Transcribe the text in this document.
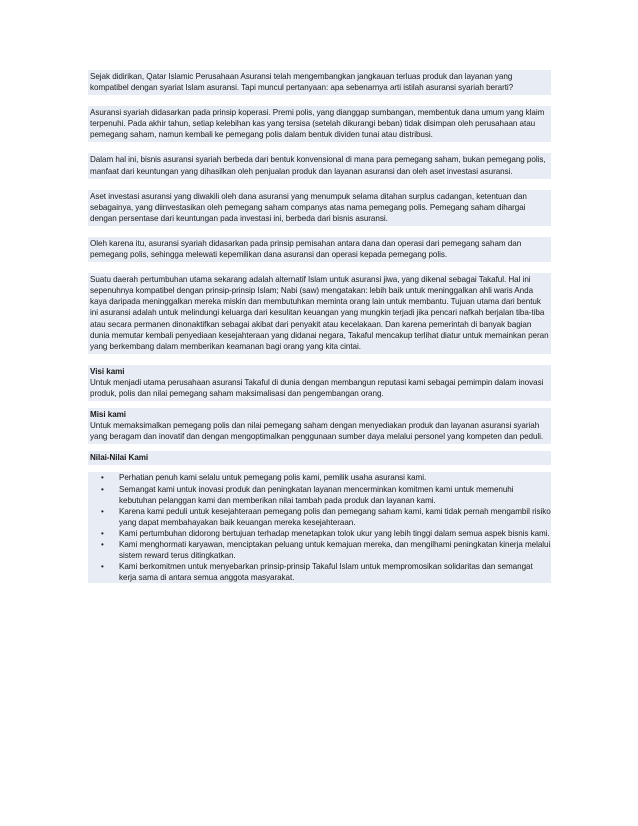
Sejak didirikan, Qatar Islamic Perusahaan Asuransi telah mengembangkan jangkauan terluas produk dan layanan yang kompatibel dengan syariat Islam asuransi. Tapi muncul pertanyaan: apa sebenarnya arti istilah asuransi syariah berarti?

Asuransi syariah didasarkan pada prinsip koperasi. Premi polis, yang dianggap sumbangan, membentuk dana umum yang klaim terpenuhi. Pada akhir tahun, setiap kelebihan kas yang tersisa (setelah dikurangi beban) tidak disimpan oleh perusahaan atau pemegang saham, namun kembali ke pemegang polis dalam bentuk dividen tunai atau distribusi.

Dalam hal ini, bisnis asuransi syariah berbeda dari bentuk konvensional di mana para pemegang saham, bukan pemegang polis, manfaat dari keuntungan yang dihasilkan oleh penjualan produk dan layanan asuransi dan oleh aset investasi asuransi.

Aset investasi asuransi yang diwakili oleh dana asuransi yang menumpuk selama ditahan surplus cadangan, ketentuan dan sebagainya, yang diinvestasikan oleh pemegang saham companys atas nama pemegang polis. Pemegang saham dihargai dengan persentase dari keuntungan pada investasi ini, berbeda dari bisnis asuransi.

Oleh karena itu, asuransi syariah didasarkan pada prinsip pemisahan antara dana dan operasi dari pemegang saham dan pemegang polis, sehingga melewati kepemilikan dana asuransi dan operasi kepada pemegang polis.

Suatu daerah pertumbuhan utama sekarang adalah alternatif Islam untuk asuransi jiwa, yang dikenal sebagai Takaful. Hal ini sepenuhnya kompatibel dengan prinsip-prinsip Islam; Nabi (saw) mengatakan: lebih baik untuk meninggalkan ahli waris Anda kaya daripada meninggalkan mereka miskin dan membutuhkan meminta orang lain untuk membantu. Tujuan utama dari bentuk ini asuransi adalah untuk melindungi keluarga dari kesulitan keuangan yang mungkin terjadi jika pencari nafkah berjalan tiba-tiba atau secara permanen dinonaktifkan sebagai akibat dari penyakit atau kecelakaan. Dan karena pemerintah di banyak bagian dunia memutar kembali penyediaan kesejahteraan yang didanai negara, Takaful mencakup terlihat diatur untuk memainkan peran yang berkembang dalam memberikan keamanan bagi orang yang kita cintai.

Visi kami
Untuk menjadi utama perusahaan asuransi Takaful di dunia dengan membangun reputasi kami sebagai pemimpin dalam inovasi produk, polis dan nilai pemegang saham maksimalisasi dan pengembangan orang.
Misi kami
Untuk memaksimalkan pemegang polis dan nilai pemegang saham dengan menyediakan produk dan layanan asuransi syariah yang beragam dan inovatif dan dengan mengoptimalkan penggunaan sumber daya melalui personel yang kompeten dan peduli.
Nilai-Nilai Kami
• Perhatian penuh kami selalu untuk pemegang polis kami, pemilik usaha asuransi kami.
• Semangat kami untuk inovasi produk dan peningkatan layanan mencerminkan komitmen kami untuk memenuhi kebutuhan pelanggan kami dan memberikan nilai tambah pada produk dan layanan kami.
• Karena kami peduli untuk kesejahteraan pemegang polis dan pemegang saham kami, kami tidak pernah mengambil risiko yang dapat membahayakan baik keuangan mereka kesejahteraan.
• Kami pertumbuhan didorong bertujuan terhadap menetapkan tolok ukur yang lebih tinggi dalam semua aspek bisnis kami.
• Kami menghormati karyawan, menciptakan peluang untuk kemajuan mereka, dan mengilhami peningkatan kinerja melalui sistem reward terus ditingkatkan.
• Kami berkomitmen untuk menyebarkan prinsip-prinsip Takaful Islam untuk mempromosikan solidaritas dan semangat kerja sama di antara semua anggota masyarakat.
